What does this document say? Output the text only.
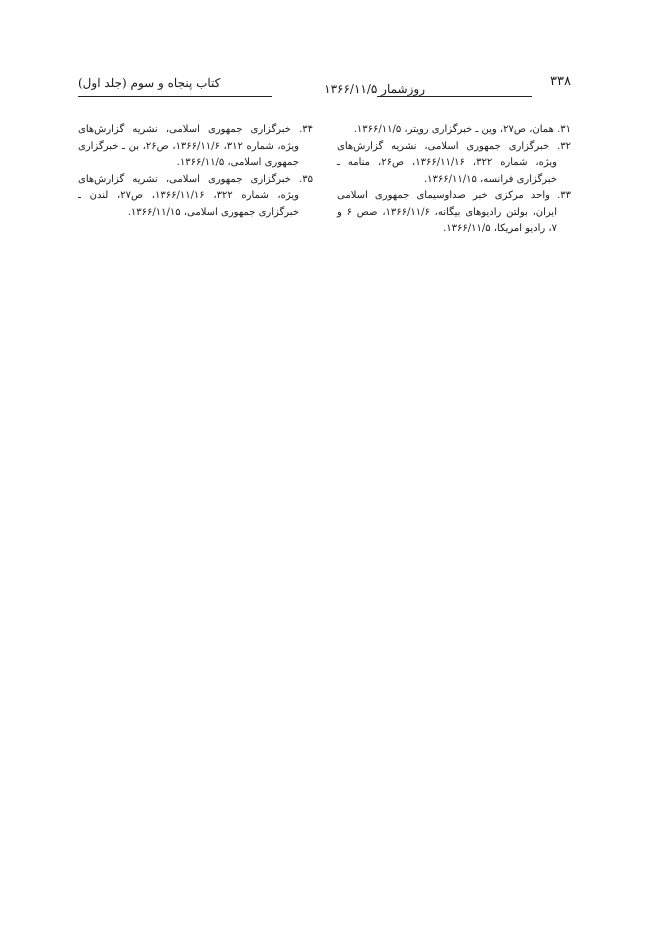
۳۳۸
روزشمار ۱۳۶۶/۱۱/۵
کتاب پنجاه و سوم (جلد اول)

۳۱. همان، ص۲۷، وین ـ خبرگزاری رویتر، ۱۳۶۶/۱۱/۵.

۳۲. خبرگزاری جمهوری اسلامی، نشریه گزارش‌های ویژه، شماره ۳۲۲، ۱۳۶۶/۱۱/۱۶، ص۲۶، منامه ـ خبرگزاری فرانسه، ۱۳۶۶/۱۱/۱۵.

۳۳. واحد مرکزی خبر صداوسیمای جمهوری اسلامی ایران، بولتن رادیوهای بیگانه، ۱۳۶۶/۱۱/۶، صص ۶ و ۷، رادیو امریکا، ۱۳۶۶/۱۱/۵.

۳۴. خبرگزاری جمهوری اسلامی، نشریه گزارش‌های ویژه، شماره ۳۱۲، ۱۳۶۶/۱۱/۶، ص۲۶، بن ـ خبرگزاری جمهوری اسلامی، ۱۳۶۶/۱۱/۵.

۳۵. خبرگزاری جمهوری اسلامی، نشریه گزارش‌های ویژه، شماره ۳۲۲، ۱۳۶۶/۱۱/۱۶، ص۲۷، لندن ـ خبرگزاری جمهوری اسلامی، ۱۳۶۶/۱۱/۱۵.
